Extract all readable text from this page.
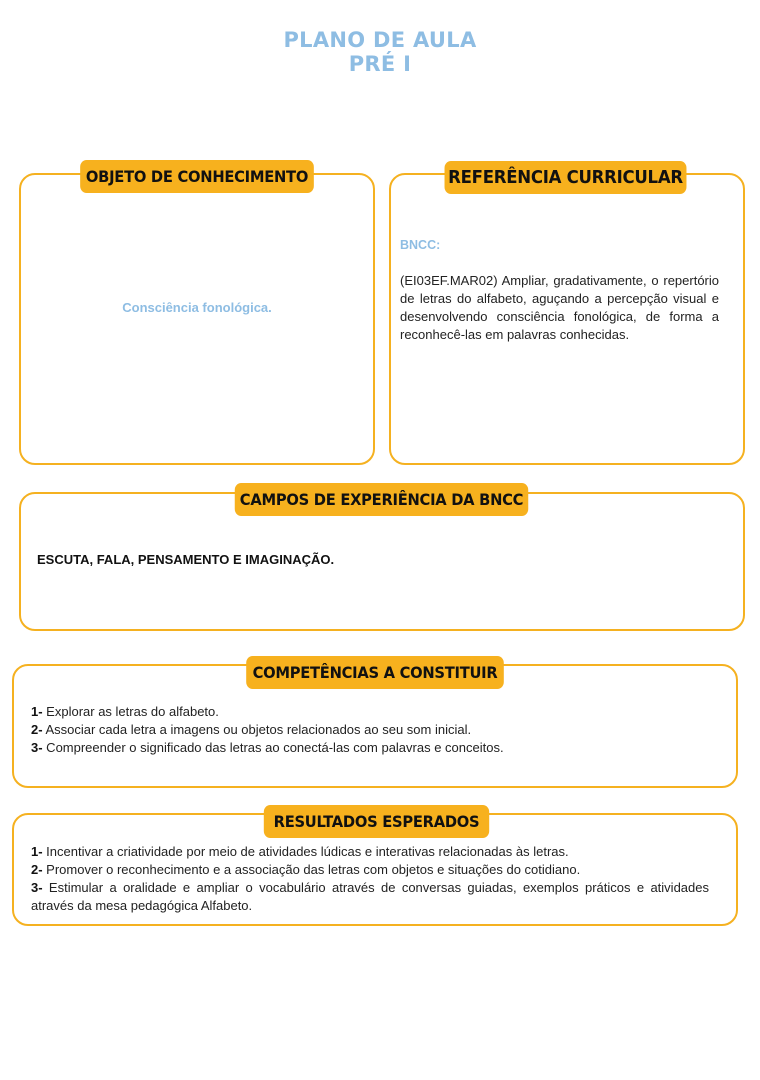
PLANO DE AULA
PRÉ I
OBJETO DE CONHECIMENTO
Consciência fonológica.
REFERÊNCIA CURRICULAR
BNCC:
(EI03EF.MAR02) Ampliar, gradativamente, o repertório de letras do alfabeto, aguçando a percepção visual e desenvolvendo consciência fonológica, de forma a reconhecê-las em palavras conhecidas.
CAMPOS DE EXPERIÊNCIA DA BNCC
ESCUTA, FALA, PENSAMENTO E IMAGINAÇÃO.
COMPETÊNCIAS A CONSTITUIR
1- Explorar as letras do alfabeto.
2- Associar cada letra a imagens ou objetos relacionados ao seu som inicial.
3- Compreender o significado das letras ao conectá-las com palavras e conceitos.
RESULTADOS ESPERADOS
1- Incentivar a criatividade por meio de atividades lúdicas e interativas relacionadas às letras.
2- Promover o reconhecimento e a associação das letras com objetos e situações do cotidiano.
3- Estimular a oralidade e ampliar o vocabulário através de conversas guiadas, exemplos práticos e atividades através da mesa pedagógica Alfabeto.
